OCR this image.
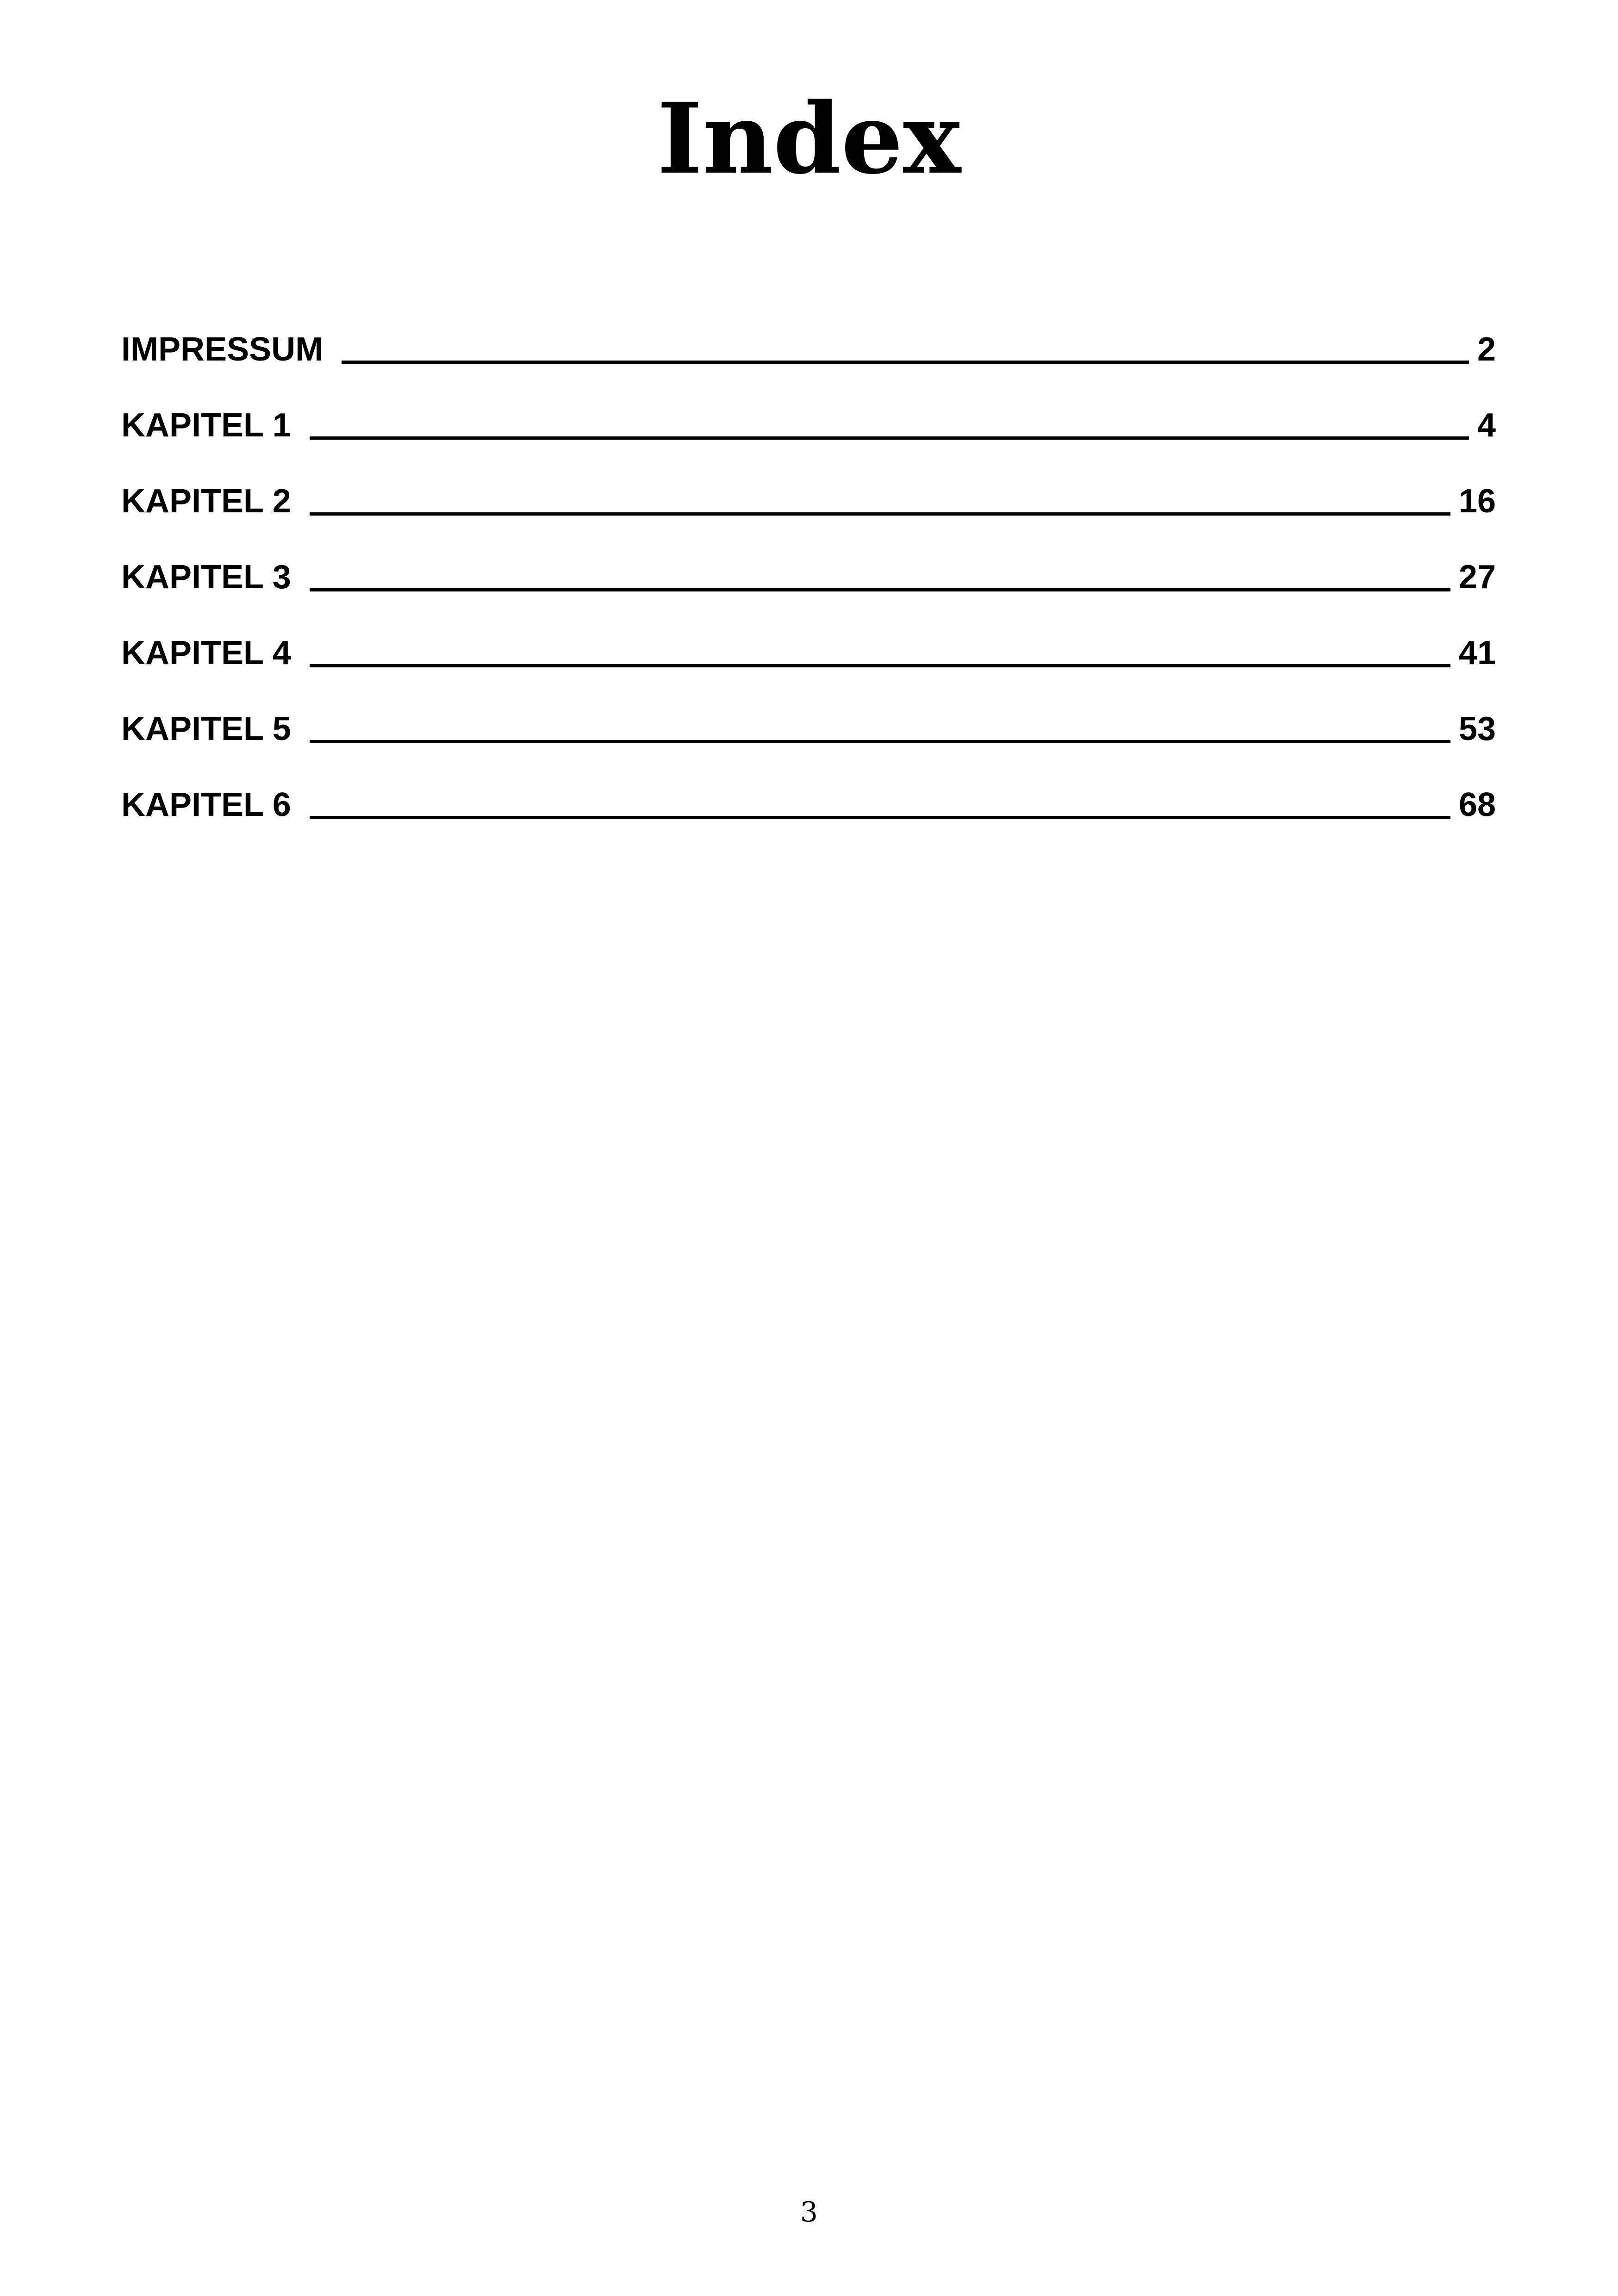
Index
IMPRESSUM	2
KAPITEL 1	4
KAPITEL 2	16
KAPITEL 3	27
KAPITEL 4	41
KAPITEL 5	53
KAPITEL 6	68

3
